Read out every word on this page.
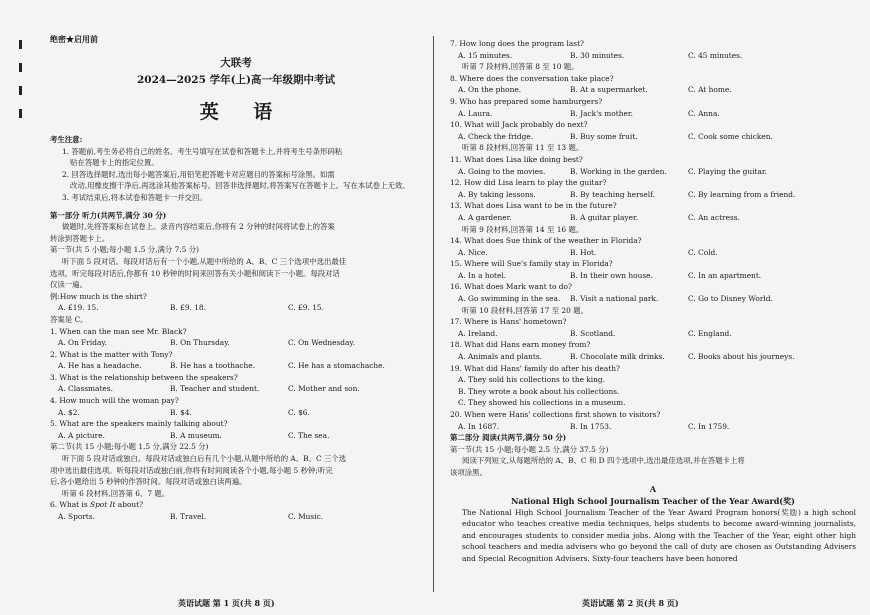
绝密★启用前
大联考
2024—2025 学年(上)高一年级期中考试
英 语
考生注意:
1. 答题前,考生务必将自己的姓名、考生号填写在试卷和答题卡上,并将考生号条形码粘
贴在答题卡上的指定位置。
2. 回答选择题时,选出每小题答案后,用铅笔把答题卡对应题目的答案标号涂黑。如需
改动,用橡皮擦干净后,再选涂其他答案标号。回答非选择题时,将答案写在答题卡上。写在本试卷上无效。
3. 考试结束后,将本试卷和答题卡一并交回。
第一部分 听力(共两节,满分 30 分)
做题时,先将答案标在试卷上。录音内容结束后,你将有 2 分钟的时间将试卷上的答案
转涂到答题卡上。
第一节(共 5 小题;每小题 1.5 分,满分 7.5 分)
听下面 5 段对话。每段对话后有一个小题,从题中所给的 A、B、C 三个选项中选出最佳
选项。听完每段对话后,你都有 10 秒钟的时间来回答有关小题和阅读下一小题。每段对话
仅读一遍。
例:How much is the shirt?
A. £19. 15.	B. £9. 18.	C. £9. 15.
答案是 C。
1. When can the man see Mr. Black?
A. On Friday.	B. On Thursday.	C. On Wednesday.
2. What is the matter with Tony?
A. He has a headache.	B. He has a toothache.	C. He has a stomachache.
3. What is the relationship between the speakers?
A. Classmates.	B. Teacher and student.	C. Mother and son.
4. How much will the woman pay?
A. $2.	B. $4.	C. $6.
5. What are the speakers mainly talking about?
A. A picture.	B. A museum.	C. The sea.
第二节(共 15 小题;每小题 1.5 分,满分 22.5 分)
听下面 5 段对话或独白。每段对话或独白后有几个小题,从题中所给的 A、B、C 三个选
项中选出最佳选项。听每段对话或独白前,你将有时间阅读各个小题,每小题 5 秒钟;听完
后,各小题给出 5 秒钟的作答时间。每段对话或独白读两遍。
听第 6 段材料,回答第 6、7 题。
6. What is Spot It about?
A. Sports.	B. Travel.	C. Music.
7. How long does the program last?
A. 15 minutes.	B. 30 minutes.	C. 45 minutes.
听第 7 段材料,回答第 8 至 10 题。
8. Where does the conversation take place?
A. On the phone.	B. At a supermarket.	C. At home.
9. Who has prepared some hamburgers?
A. Laura.	B. Jack's mother.	C. Anna.
10. What will Jack probably do next?
A. Check the fridge.	B. Buy some fruit.	C. Cook some chicken.
听第 8 段材料,回答第 11 至 13 题。
11. What does Lisa like doing best?
A. Going to the movies.	B. Working in the garden.	C. Playing the guitar.
12. How did Lisa learn to play the guitar?
A. By taking lessons.	B. By teaching herself.	C. By learning from a friend.
13. What does Lisa want to be in the future?
A. A gardener.	B. A guitar player.	C. An actress.
听第 9 段材料,回答第 14 至 16 题。
14. What does Sue think of the weather in Florida?
A. Nice.	B. Hot.	C. Cold.
15. Where will Sue's family stay in Florida?
A. In a hotel.	B. In their own house.	C. In an apartment.
16. What does Mark want to do?
A. Go swimming in the sea.	B. Visit a national park.	C. Go to Disney World.
听第 10 段材料,回答第 17 至 20 题。
17. Where is Hans' hometown?
A. Ireland.	B. Scotland.	C. England.
18. What did Hans earn money from?
A. Animals and plants.	B. Chocolate milk drinks.	C. Books about his journeys.
19. What did Hans' family do after his death?
A. They sold his collections to the king.
B. They wrote a book about his collections.
C. They showed his collections in a museum.
20. When were Hans' collections first shown to visitors?
A. In 1687.	B. In 1753.	C. In 1759.
第二部分 阅读(共两节,满分 50 分)
第一节(共 15 小题;每小题 2.5 分,满分 37.5 分)
阅读下列短文,从每题所给的 A、B、C 和 D 四个选项中,选出最佳选项,并在答题卡上将
该项涂黑。
A
National High School Journalism Teacher of the Year Award(奖)
The National High School Journalism Teacher of the Year Award Program honors(奖励) a high school educator who teaches creative media techniques, helps students to become award-winning journalists, and encourages students to consider media jobs. Along with the Teacher of the Year, eight other high school teachers and media advisers who go beyond the call of duty are chosen as Outstanding Advisers and Special Recognition Advisers. Sixty-four teachers have been honored
英语试题 第 1 页(共 8 页)	英语试题 第 2 页(共 8 页)
